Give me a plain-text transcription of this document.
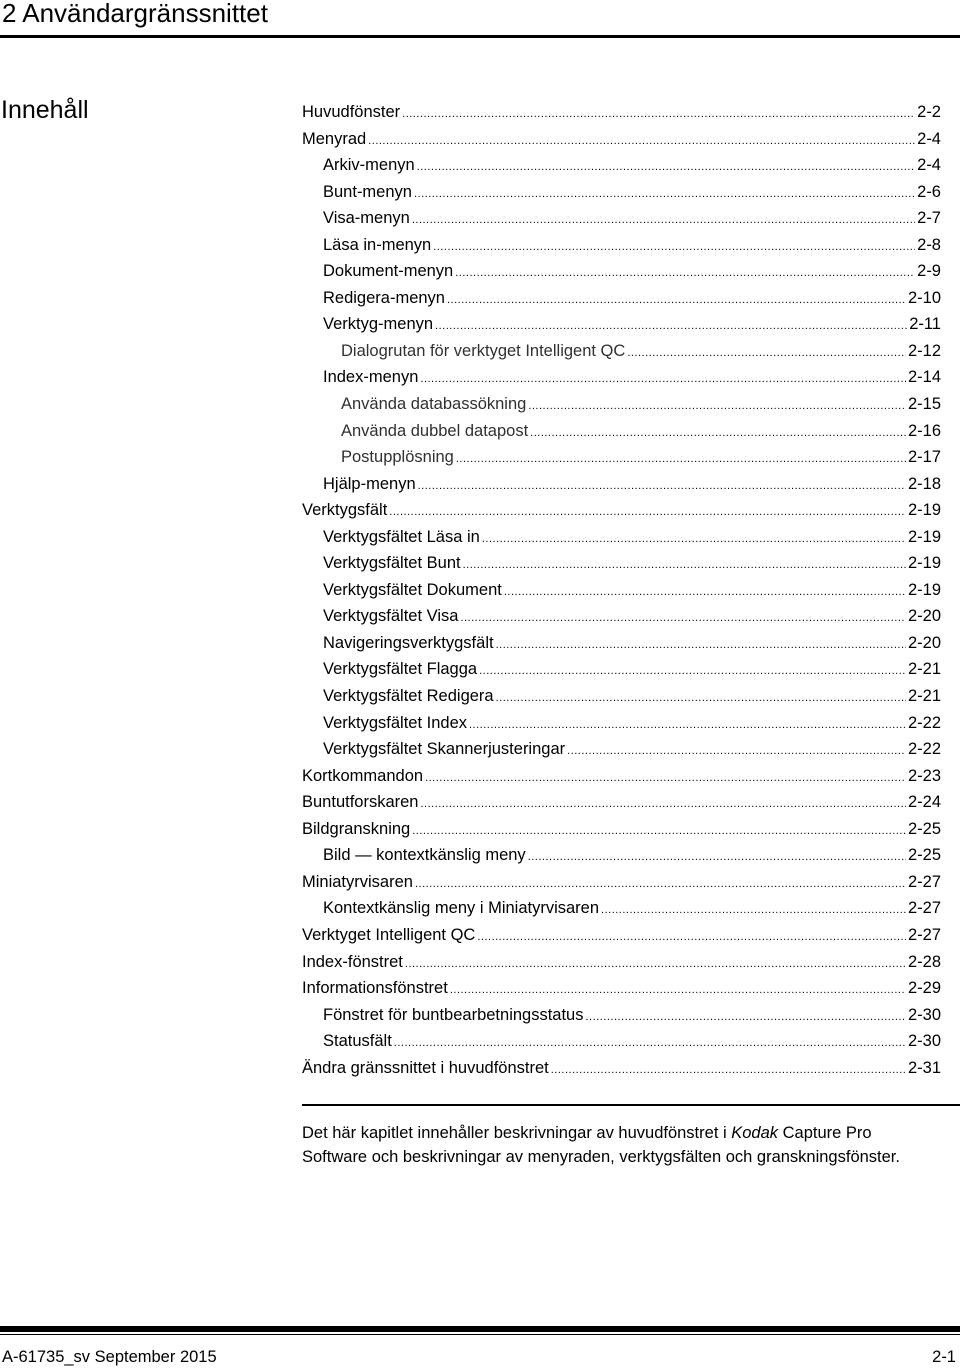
2 Användargränssnittet
Innehåll	Huvudfönster .....	2-2
Menyrad .....	2-4
Arkiv-menyn .....	2-4
Bunt-menyn .....	2-6
Visa-menyn .....	2-7
Läsa in-menyn .....	2-8
Dokument-menyn .....	2-9
Redigera-menyn .....	2-10
Verktyg-menyn .....	2-11
Dialogrutan för verktyget Intelligent QC .....	2-12
Index-menyn .....	2-14
Använda databassökning .....	2-15
Använda dubbel datapost .....	2-16
Postupplösning .....	2-17
Hjälp-menyn .....	2-18
Verktygsfält .....	2-19
Verktygsfältet Läsa in .....	2-19
Verktygsfältet Bunt .....	2-19
Verktygsfältet Dokument .....	2-19
Verktygsfältet Visa .....	2-20
Navigeringsverktygsfält .....	2-20
Verktygsfältet Flagga .....	2-21
Verktygsfältet Redigera .....	2-21
Verktygsfältet Index .....	2-22
Verktygsfältet Skannerjusteringar .....	2-22
Kortkommandon .....	2-23
Buntutforskaren .....	2-24
Bildgranskning .....	2-25
Bild — kontextkänslig meny .....	2-25
Miniatyrvisaren .....	2-27
Kontextkänslig meny i Miniatyrvisaren .....	2-27
Verktyget Intelligent QC .....	2-27
Index-fönstret .....	2-28
Informationsfönstret .....	2-29
Fönstret för buntbearbetningsstatus .....	2-30
Statusfält .....	2-30
Ändra gränssnittet i huvudfönstret .....	2-31
Det här kapitlet innehåller beskrivningar av huvudfönstret i Kodak Capture Pro
Software och beskrivningar av menyraden, verktygsfälten och granskningsfönster.
A-61735_sv September 2015	2-1
